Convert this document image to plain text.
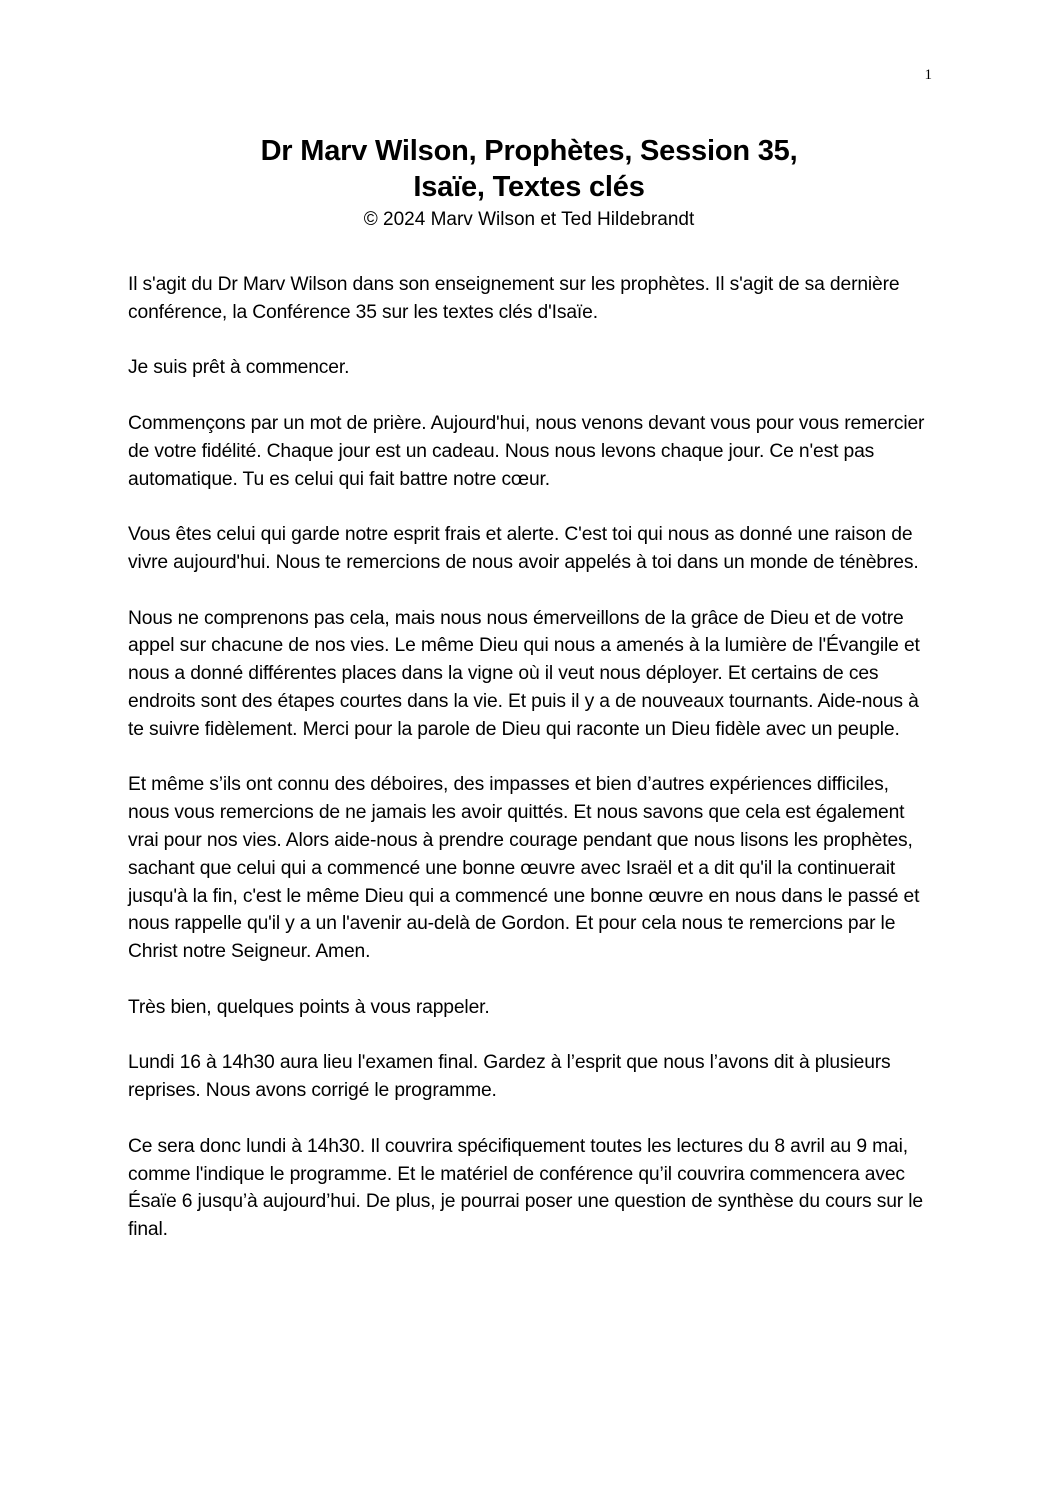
1
Dr Marv Wilson, Prophètes, Session 35,
Isaïe, Textes clés
© 2024 Marv Wilson et Ted Hildebrandt

Il s'agit du Dr Marv Wilson dans son enseignement sur les prophètes. Il s'agit de sa dernière conférence, la Conférence 35 sur les textes clés d'Isaïe.

Je suis prêt à commencer.

Commençons par un mot de prière. Aujourd'hui, nous venons devant vous pour vous remercier de votre fidélité. Chaque jour est un cadeau. Nous nous levons chaque jour. Ce n'est pas automatique. Tu es celui qui fait battre notre cœur.

Vous êtes celui qui garde notre esprit frais et alerte. C'est toi qui nous as donné une raison de vivre aujourd'hui. Nous te remercions de nous avoir appelés à toi dans un monde de ténèbres.

Nous ne comprenons pas cela, mais nous nous émerveillons de la grâce de Dieu et de votre appel sur chacune de nos vies. Le même Dieu qui nous a amenés à la lumière de l'Évangile et nous a donné différentes places dans la vigne où il veut nous déployer. Et certains de ces endroits sont des étapes courtes dans la vie. Et puis il y a de nouveaux tournants. Aide-nous à te suivre fidèlement. Merci pour la parole de Dieu qui raconte un Dieu fidèle avec un peuple.

Et même s’ils ont connu des déboires, des impasses et bien d’autres expériences difficiles, nous vous remercions de ne jamais les avoir quittés. Et nous savons que cela est également vrai pour nos vies. Alors aide-nous à prendre courage pendant que nous lisons les prophètes, sachant que celui qui a commencé une bonne œuvre avec Israël et a dit qu'il la continuerait jusqu'à la fin, c'est le même Dieu qui a commencé une bonne œuvre en nous dans le passé et nous rappelle qu'il y a un l'avenir au-delà de Gordon. Et pour cela nous te remercions par le Christ notre Seigneur. Amen.

Très bien, quelques points à vous rappeler.

Lundi 16 à 14h30 aura lieu l'examen final. Gardez à l’esprit que nous l’avons dit à plusieurs reprises. Nous avons corrigé le programme.

Ce sera donc lundi à 14h30. Il couvrira spécifiquement toutes les lectures du 8 avril au 9 mai, comme l'indique le programme. Et le matériel de conférence qu’il couvrira commencera avec Ésaïe 6 jusqu’à aujourd’hui. De plus, je pourrai poser une question de synthèse du cours sur le final.
